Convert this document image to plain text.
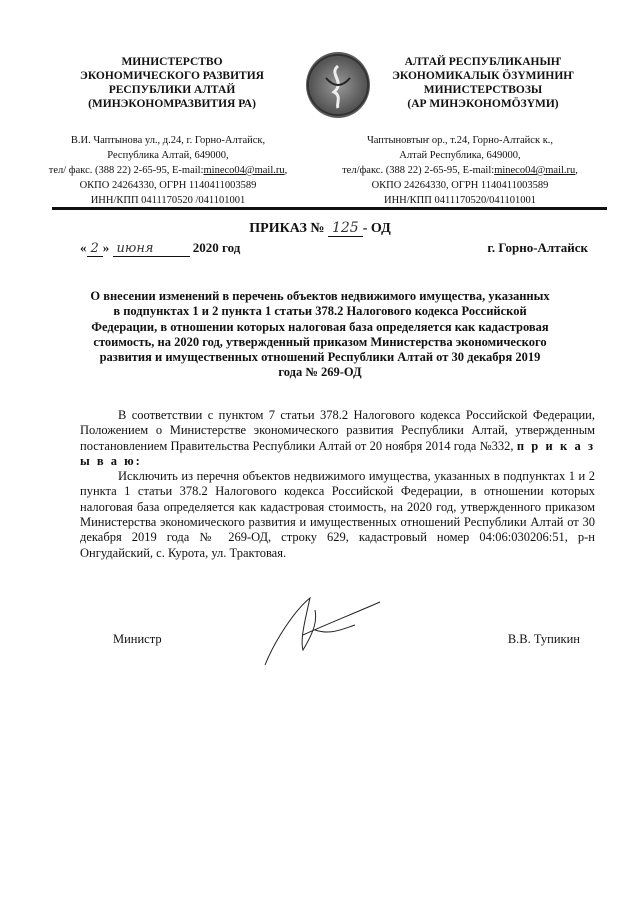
МИНИСТЕРСТВО
ЭКОНОМИЧЕСКОГО РАЗВИТИЯ
РЕСПУБЛИКИ АЛТАЙ
(МИНЭКОНОМРАЗВИТИЯ РА)
АЛТАЙ РЕСПУБЛИКАНЫҤ
ЭКОНОМИКАЛЫК ÖЗҮМИНИҤ
МИНИСТЕРСТВОЗЫ
(АР МИНЭКОНОМÖЗҮМИ)
В.И. Чаптынова ул., д.24, г. Горно-Алтайск,
Республика Алтай, 649000,
тел/ факс. (388 22) 2-65-95, E-mail:mineco04@mail.ru,
ОКПО 24264330, ОГРН 1140411003589
ИНН/КПП 0411170520 /041101001
Чаптыновтыҥ ор., т.24, Горно-Алтайск к.,
Алтай Республика, 649000,
тел/факс. (388 22) 2-65-95, E-mail:mineco04@mail.ru,
ОКПО 24264330, ОГРН 1140411003589
ИНН/КПП 0411170520/041101001
ПРИКАЗ № 125 - ОД
« 2 » июня	2020 год	г. Горно-Алтайск
О внесении изменений в перечень объектов недвижимого имущества, указанных в подпунктах 1 и 2 пункта 1 статьи 378.2 Налогового кодекса Российской Федерации, в отношении которых налоговая база определяется как кадастровая стоимость, на 2020 год, утвержденный приказом Министерства экономического развития и имущественных отношений Республики Алтай от 30 декабря 2019 года № 269-ОД

В соответствии с пунктом 7 статьи 378.2 Налогового кодекса Российской Федерации, Положением о Министерстве экономического развития Республики Алтай, утвержденным постановлением Правительства Республики Алтай от 20 ноября 2014 года №332, п р и к а з ы в а ю:

Исключить из перечня объектов недвижимого имущества, указанных в подпунктах 1 и 2 пункта 1 статьи 378.2 Налогового кодекса Российской Федерации, в отношении которых налоговая база определяется как кадастровая стоимость, на 2020 год, утвержденного приказом Министерства экономического развития и имущественных отношений Республики Алтай от 30 декабря 2019 года № 269-ОД, строку 629, кадастровый номер 04:06:030206:51, р-н Онгудайский, с. Курота, ул. Трактовая.

Министр	В.В. Тупикин
